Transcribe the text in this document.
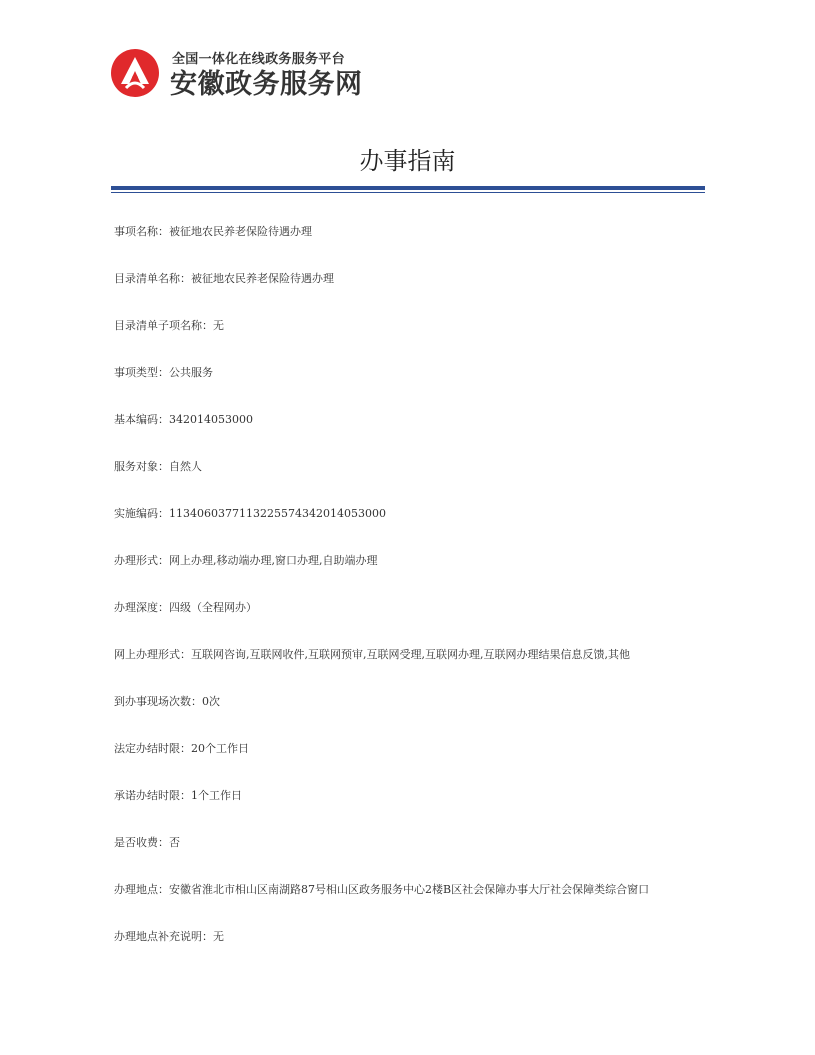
全国一体化在线政务服务平台
安徽政务服务网
办事指南
事项名称：被征地农民养老保险待遇办理
目录清单名称：被征地农民养老保险待遇办理
目录清单子项名称：无
事项类型：公共服务
基本编码：342014053000
服务对象：自然人
实施编码：11340603771132255743420140530​00
办理形式：网上办理,移动端办理,窗口办理,自助端办理
办理深度：四级（全程网办）
网上办理形式：互联网咨询,互联网收件,互联网预审,互联网受理,互联网办理,互联网办理结果信息反馈,其他
到办事现场次数：0次
法定办结时限：20个工作日
承诺办结时限：1个工作日
是否收费：否
办理地点：安徽省淮北市相山区南湖路87号相山区政务服务中心2楼B区社会保障办事大厅社会保障类综合窗口
办理地点补充说明：无
